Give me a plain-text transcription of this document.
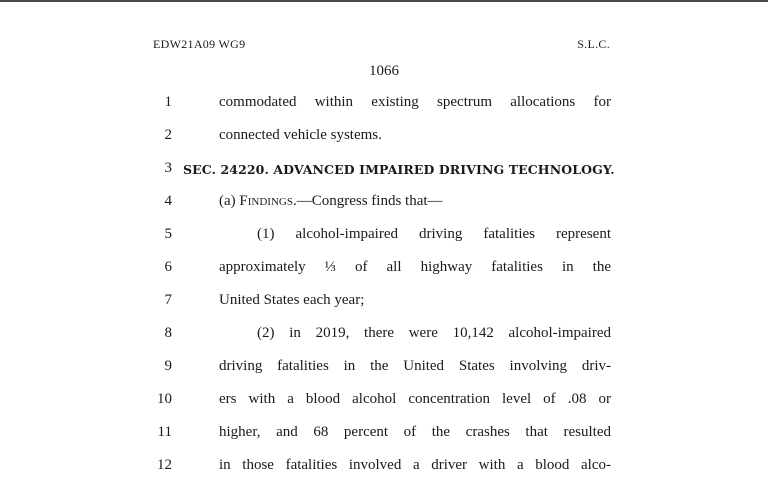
EDW21A09 WG9	S.L.C.
1066
1	commodated within existing spectrum allocations for
2	connected vehicle systems.
3 SEC. 24220. ADVANCED IMPAIRED DRIVING TECHNOLOGY.
4	(a) Findings.—Congress finds that—
5	(1) alcohol-impaired driving fatalities represent
6	approximately ⅓ of all highway fatalities in the
7	United States each year;
8	(2) in 2019, there were 10,142 alcohol-impaired
9	driving fatalities in the United States involving driv-
10	ers with a blood alcohol concentration level of .08 or
11	higher, and 68 percent of the crashes that resulted
12	in those fatalities involved a driver with a blood alco-
